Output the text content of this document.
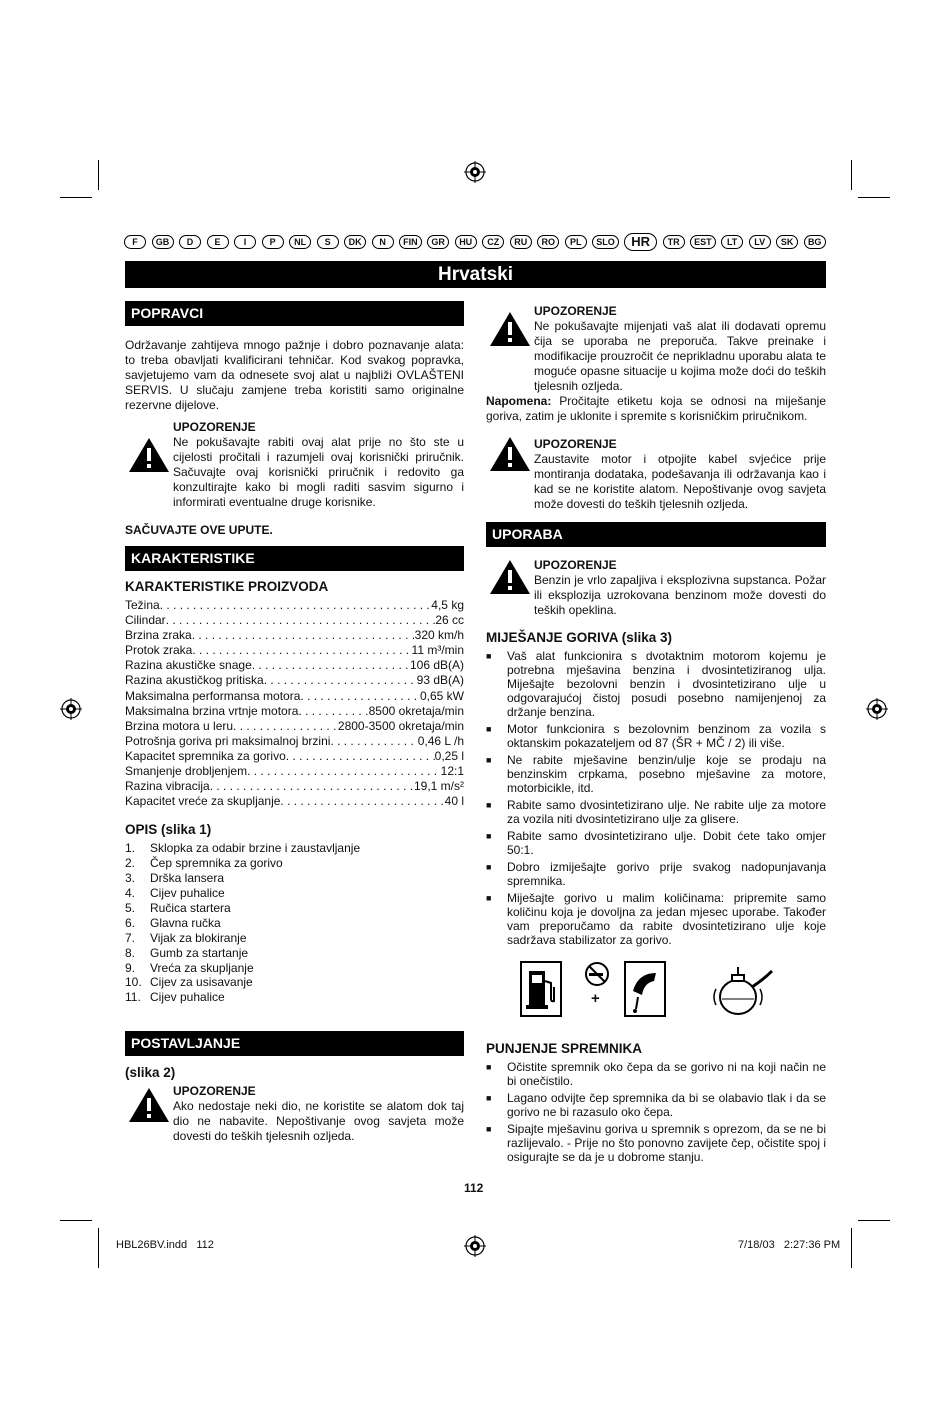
F	GB	D	E	I	P	NL	S	DK	N	FIN	GR	HU	CZ	RU	RO	PL	SLO	HR	TR	EST	LT	LV	SK	BG
Hrvatski
POPRAVCI

Održavanje zahtijeva mnogo pažnje i dobro poznavanje alata: to treba obavljati kvalificirani tehničar. Kod svakog popravka, savjetujemo vam da odnesete svoj alat u najbliži OVLAŠTENI SERVIS. U slučaju zamjene treba koristiti samo originalne rezervne dijelove.

UPOZORENJE

Ne pokušavajte rabiti ovaj alat prije no što ste u cijelosti pročitali i razumjeli ovaj korisnički priručnik. Sačuvajte ovaj korisnički priručnik i redovito ga konzultirajte kako bi mogli raditi sasvim sigurno i informirati eventualne druge korisnike.

SAČUVAJTE OVE UPUTE.
KARAKTERISTIKE
KARAKTERISTIKE PROIZVODA
Težina . . .	4,5 kg
Cilindar . . .	26 cc
Brzina zraka . . .	320 km/h
Protok zraka . . .	11 m³/min
Razina akustičke snage . . .	106 dB(A)
Razina akustičkog pritiska . . .	93 dB(A)
Maksimalna performansa motora . . .	0,65 kW
Maksimalna brzina vrtnje motora . . .	8500 okretaja/min
Brzina motora u leru . . .	2800-3500 okretaja/min
Potrošnja goriva pri maksimalnoj brzini . . .	0,46 L /h
Kapacitet spremnika za gorivo . . .	0,25 l
Smanjenje drobljenjem . . .	12:1
Razina vibracija . . .	19,1 m/s²
Kapacitet vreće za skupljanje . . .	40 l
OPIS (slika 1)
1.	Sklopka za odabir brzine i zaustavljanje
2.	Čep spremnika za gorivo
3.	Drška lansera
4.	Cijev puhalice
5.	Ručica startera
6.	Glavna ručka
7.	Vijak za blokiranje
8.	Gumb za startanje
9.	Vreća za skupljanje
10. Cijev za usisavanje
11. Cijev puhalice
POSTAVLJANJE
(slika 2)
UPOZORENJE

Ako nedostaje neki dio, ne koristite se alatom dok taj dio ne nabavite. Nepoštivanje ovog savjeta može dovesti do teških tjelesnih ozljeda.

UPOZORENJE

Ne pokušavajte mijenjati vaš alat ili dodavati opremu čija se uporaba ne preporuča. Takve preinake i modifikacije prouzročit će neprikladnu uporabu alata te moguće opasne situacije u kojima može doći do teških tjelesnih ozljeda.

Napomena: Pročitajte etiketu koja se odnosi na miješanje goriva, zatim je uklonite i spremite s korisničkim priručnikom.

UPOZORENJE

Zaustavite motor i otpojite kabel svjećice prije montiranja dodataka, podešavanja ili održavanja kao i kad se ne koristite alatom. Nepoštivanje ovog savjeta može dovesti do teških tjelesnih ozljeda.

UPORABA
UPOZORENJE

Benzin je vrlo zapaljiva i eksplozivna supstanca. Požar ili eksplozija uzrokovana benzinom može dovesti do teških opeklina.

MIJEŠANJE GORIVA (slika 3)
■	Vaš alat funkcionira s dvotaktnim motorom kojemu je potrebna mješavina benzina i dvosintetiziranog ulja. Miješajte bezolovni benzin i dvosintetizirano ulje u odgovarajućoj čistoj posudi posebno namijenjenoj za držanje benzina.
■	Motor funkcionira s bezolovnim benzinom za vozila s oktanskim pokazateljem od 87 (ŠR + MČ / 2) ili više.
■	Ne rabite mješavine benzin/ulje koje se prodaju na benzinskim crpkama, posebno mješavine za motore, motorbicikle, itd.
■	Rabite samo dvosintetizirano ulje. Ne rabite ulje za motore za vozila niti dvosintetizirano ulje za glisere.
■	Rabite samo dvosintetizirano ulje. Dobit ćete tako omjer 50:1.
■	Dobro izmiješajte gorivo prije svakog nadopunjavanja spremnika.
■	Miješajte gorivo u malim količinama: pripremite samo količinu koja je dovoljna za jedan mjesec uporabe. Također vam preporučamo da rabite dvosintetizirano ulje koje sadržava stabilizator za gorivo.
+
PUNJENJE SPREMNIKA
■	Očistite spremnik oko čepa da se gorivo ni na koji način ne bi onečistilo.
■	Lagano odvijte čep spremnika da bi se olabavio tlak i da se gorivo ne bi razasulo oko čepa.
■	Sipajte mješavinu goriva u spremnik s oprezom, da se ne bi razlijevalo. - Prije no što ponovno zavijete čep, očistite spoj i osigurajte se da je u dobrome stanju.
112
HBL26BV.indd   112	7/18/03   2:27:36 PM
